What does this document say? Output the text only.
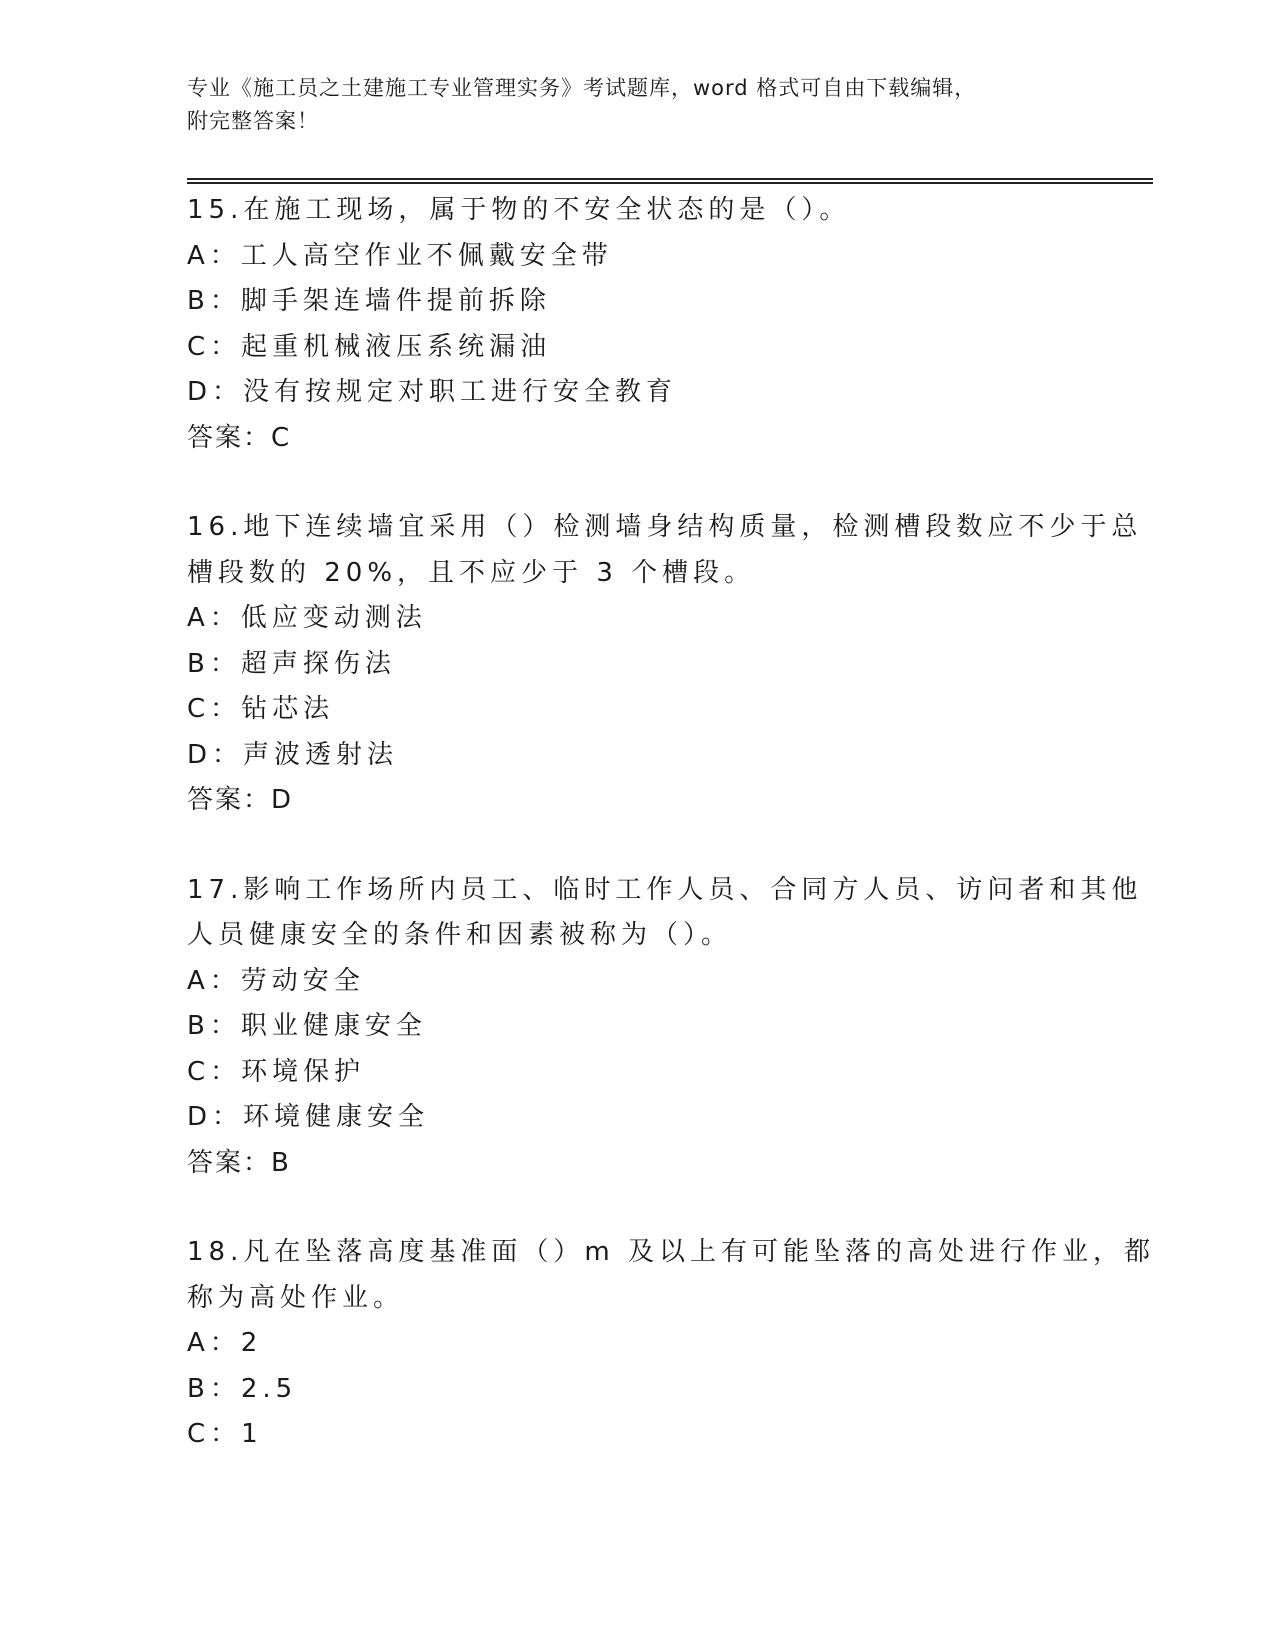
专业《施工员之土建施工专业管理实务》考试题库，word 格式可自由下载编辑，
附完整答案！
15.在施工现场，属于物的不安全状态的是（）。
A：工人高空作业不佩戴安全带
B：脚手架连墙件提前拆除
C：起重机械液压系统漏油
D：没有按规定对职工进行安全教育
答案：C
16.地下连续墙宜采用（）检测墙身结构质量，检测槽段数应不少于总
槽段数的 20%，且不应少于 3 个槽段。
A：低应变动测法
B：超声探伤法
C：钻芯法
D：声波透射法
答案：D
17.影响工作场所内员工、临时工作人员、合同方人员、访问者和其他
人员健康安全的条件和因素被称为（）。
A：劳动安全
B：职业健康安全
C：环境保护
D：环境健康安全
答案：B
18.凡在坠落高度基准面（）m 及以上有可能坠落的高处进行作业，都
称为高处作业。
A：2
B：2.5
C：1
